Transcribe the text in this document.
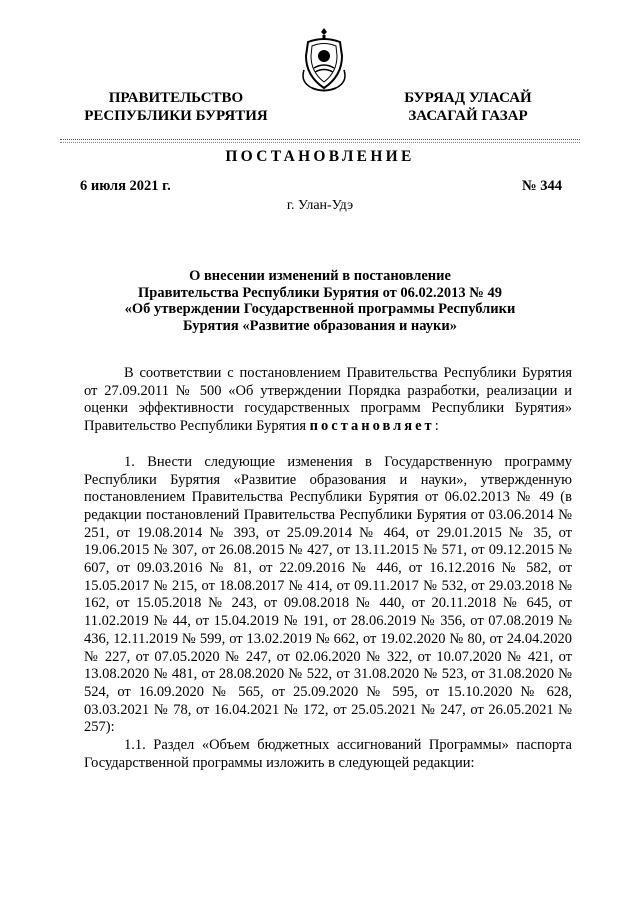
ПРАВИТЕЛЬСТВО
РЕСПУБЛИКИ БУРЯТИЯ
БУРЯАД УЛАСАЙ
ЗАСАГАЙ ГАЗАР
ПОСТАНОВЛЕНИЕ
6 июля 2021 г.	№ 344
г. Улан-Удэ
О внесении изменений в постановление
Правительства Республики Бурятия от 06.02.2013 № 49
«Об утверждении Государственной программы Республики
Бурятия «Развитие образования и науки»

В соответствии с постановлением Правительства Республики Бурятия от 27.09.2011 № 500 «Об утверждении Порядка разработки, реализации и оценки эффективности государственных программ Республики Бурятия» Правительство Республики Бурятия постановляет:

1. Внести следующие изменения в Государственную программу Республики Бурятия «Развитие образования и науки», утвержденную постановлением Правительства Республики Бурятия от 06.02.2013 № 49 (в редакции постановлений Правительства Республики Бурятия от 03.06.2014 № 251, от 19.08.2014 № 393, от 25.09.2014 № 464, от 29.01.2015 № 35, от 19.06.2015 № 307, от 26.08.2015 № 427, от 13.11.2015 № 571, от 09.12.2015 № 607, от 09.03.2016 № 81, от 22.09.2016 № 446, от 16.12.2016 № 582, от 15.05.2017 № 215, от 18.08.2017 № 414, от 09.11.2017 № 532, от 29.03.2018 № 162, от 15.05.2018 № 243, от 09.08.2018 № 440, от 20.11.2018 № 645, от 11.02.2019 № 44, от 15.04.2019 № 191, от 28.06.2019 № 356, от 07.08.2019 № 436, 12.11.2019 № 599, от 13.02.2019 № 662, от 19.02.2020 № 80, от 24.04.2020 № 227, от 07.05.2020 № 247, от 02.06.2020 № 322, от 10.07.2020 № 421, от 13.08.2020 № 481, от 28.08.2020 № 522, от 31.08.2020 № 523, от 31.08.2020 № 524, от 16.09.2020 № 565, от 25.09.2020 № 595, от 15.10.2020 № 628, 03.03.2021 № 78, от 16.04.2021 № 172, от 25.05.2021 № 247, от 26.05.2021 № 257):

1.1. Раздел «Объем бюджетных ассигнований Программы» паспорта Государственной программы изложить в следующей редакции:
